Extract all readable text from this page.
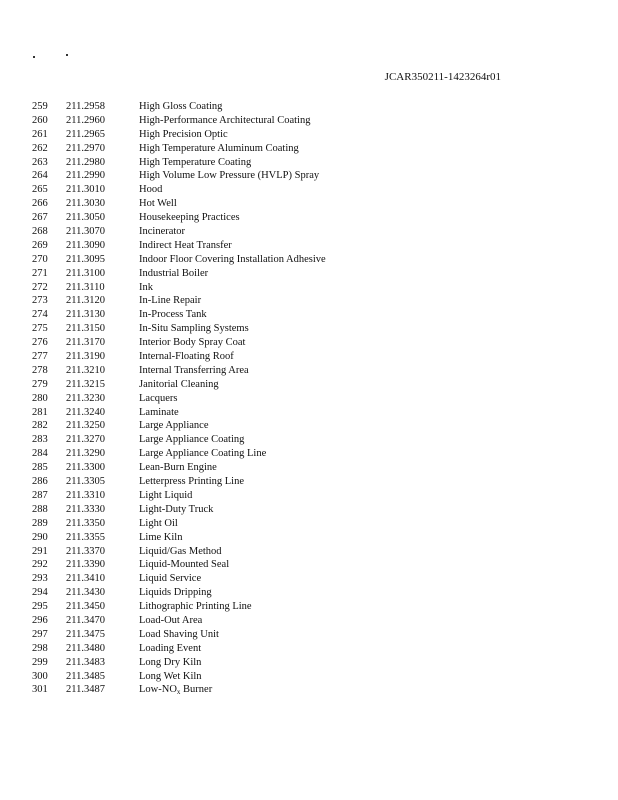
JCAR350211-1423264r01
259	211.2958	High Gloss Coating
260	211.2960	High-Performance Architectural Coating
261	211.2965	High Precision Optic
262	211.2970	High Temperature Aluminum Coating
263	211.2980	High Temperature Coating
264	211.2990	High Volume Low Pressure (HVLP) Spray
265	211.3010	Hood
266	211.3030	Hot Well
267	211.3050	Housekeeping Practices
268	211.3070	Incinerator
269	211.3090	Indirect Heat Transfer
270	211.3095	Indoor Floor Covering Installation Adhesive
271	211.3100	Industrial Boiler
272	211.3110	Ink
273	211.3120	In-Line Repair
274	211.3130	In-Process Tank
275	211.3150	In-Situ Sampling Systems
276	211.3170	Interior Body Spray Coat
277	211.3190	Internal-Floating Roof
278	211.3210	Internal Transferring Area
279	211.3215	Janitorial Cleaning
280	211.3230	Lacquers
281	211.3240	Laminate
282	211.3250	Large Appliance
283	211.3270	Large Appliance Coating
284	211.3290	Large Appliance Coating Line
285	211.3300	Lean-Burn Engine
286	211.3305	Letterpress Printing Line
287	211.3310	Light Liquid
288	211.3330	Light-Duty Truck
289	211.3350	Light Oil
290	211.3355	Lime Kiln
291	211.3370	Liquid/Gas Method
292	211.3390	Liquid-Mounted Seal
293	211.3410	Liquid Service
294	211.3430	Liquids Dripping
295	211.3450	Lithographic Printing Line
296	211.3470	Load-Out Area
297	211.3475	Load Shaving Unit
298	211.3480	Loading Event
299	211.3483	Long Dry Kiln
300	211.3485	Long Wet Kiln
301	211.3487	Low-$NO_x$ Burner
